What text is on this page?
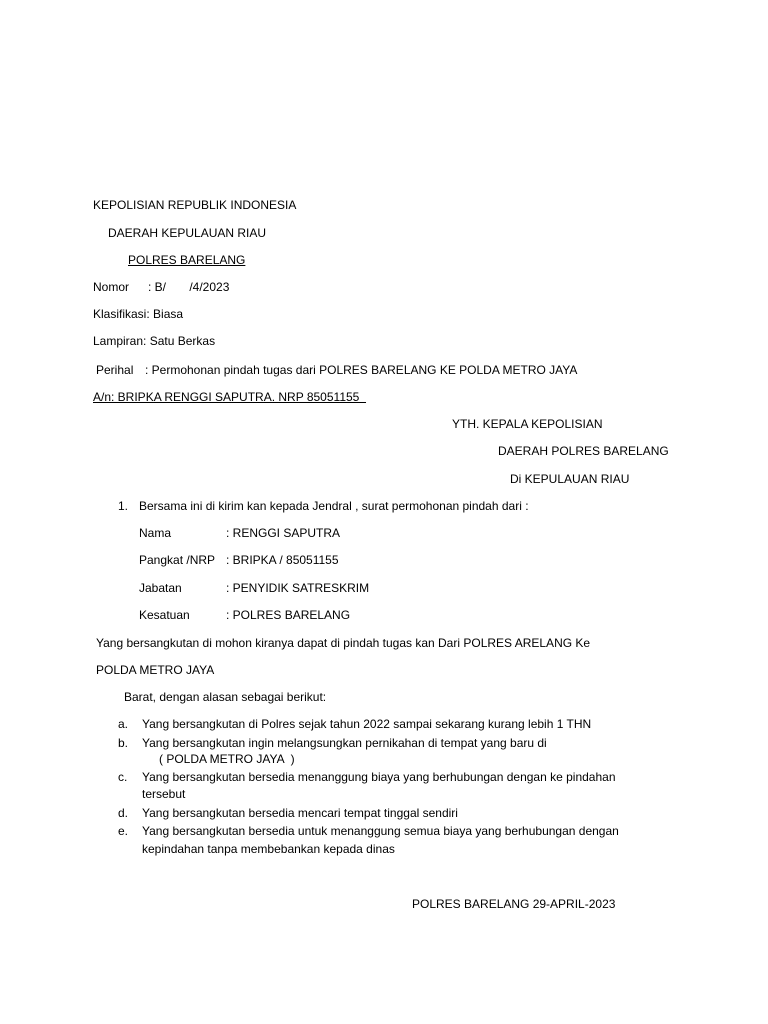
KEPOLISIAN REPUBLIK INDONESIA
DAERAH KEPULAUAN RIAU
POLRES BARELANG
Nomor : B/       /4/2023
Klasifikasi: Biasa
Lampiran: Satu Berkas
Perihal : Permohonan pindah tugas dari POLRES BARELANG KE POLDA METRO JAYA
A/n: BRIPKA RENGGI SAPUTRA. NRP 85051155
YTH. KEPALA KEPOLISIAN
DAERAH POLRES BARELANG
Di KEPULAUAN RIAU
1. Bersama ini di kirim kan kepada Jendral , surat permohonan pindah dari :
Nama	: RENGGI SAPUTRA
Pangkat /NRP : BRIPKA / 85051155
Jabatan	: PENYIDIK SATRESKRIM
Kesatuan	: POLRES BARELANG
Yang bersangkutan di mohon kiranya dapat di pindah tugas kan Dari POLRES ARELANG Ke
POLDA METRO JAYA
Barat, dengan alasan sebagai berikut:
a. Yang bersangkutan di Polres sejak tahun 2022 sampai sekarang kurang lebih 1 THN
b. Yang bersangkutan ingin melangsungkan pernikahan di tempat yang baru di
( POLDA METRO JAYA  )
c. Yang bersangkutan bersedia menanggung biaya yang berhubungan dengan ke pindahan
tersebut
d. Yang bersangkutan bersedia mencari tempat tinggal sendiri
e. Yang bersangkutan bersedia untuk menanggung semua biaya yang berhubungan dengan
kepindahan tanpa membebankan kepada dinas
POLRES BARELANG 29-APRIL-2023
